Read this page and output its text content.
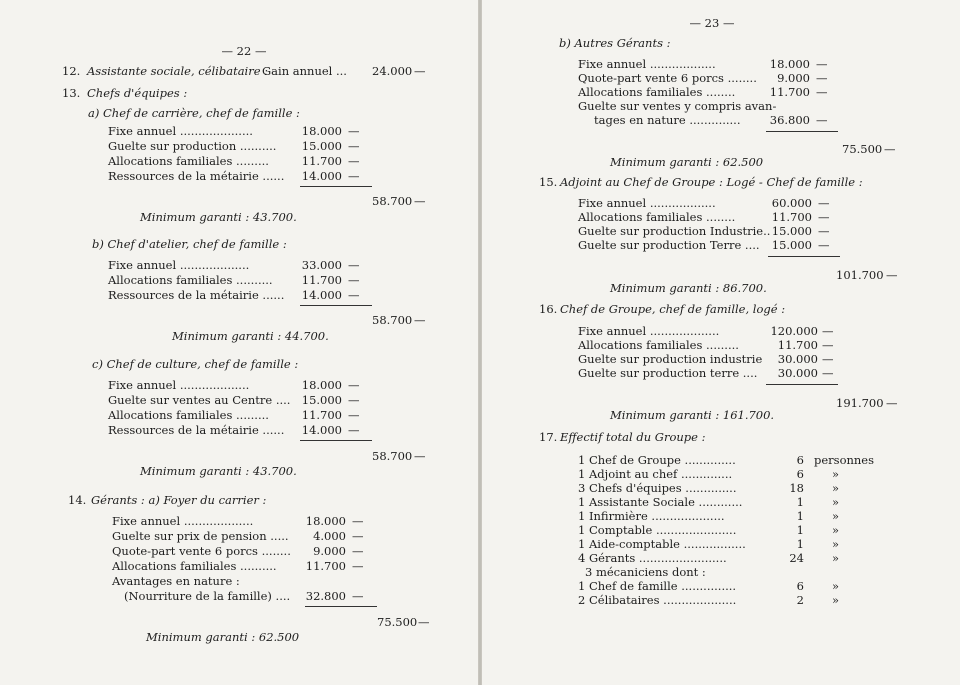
— 22 —
12. Assistante sociale, célibataire :
Gain annuel ... 24.000 —
13. Chefs d'équipes :
a) Chef de carrière, chef de famille :
Fixe annuel ....................	18.000 —
Guelte sur production ..........	15.000 —
Allocations familiales .........	11.700 —
Ressources de la métairie ......	14.000 —
58.700 —
Minimum garanti : 43.700.
b) Chef d'atelier, chef de famille :
Fixe annuel ...................	33.000 —
Allocations familiales ..........	11.700 —
Ressources de la métairie ......	14.000 —
58.700 —
Minimum garanti : 44.700.
c) Chef de culture, chef de famille :
Fixe annuel ...................	18.000 —
Guelte sur ventes au Centre .... 15.000 —
Allocations familiales .........	11.700 —
Ressources de la métairie ......	14.000 —
58.700 —
Minimum garanti : 43.700.
14. Gérants : a) Foyer du carrier :
Fixe annuel ...................	18.000 —
Guelte sur prix de pension .....	4.000 —
Quote-part vente 6 porcs ........	9.000 —
Allocations familiales ..........	11.700 —
Avantages en nature :
(Nourriture de la famille) ....	32.800 —
75.500 —
Minimum garanti : 62.500
— 23 —
b) Autres Gérants :
Fixe annuel ..................	18.000 —
Quote-part vente 6 porcs ........	9.000 —
Allocations familiales ........	11.700 —
Guelte sur ventes y compris avan-
tages en nature ..............	36.800 —
75.500 —
Minimum garanti : 62.500
15. Adjoint au Chef de Groupe : Logé - Chef de famille :
Fixe annuel ..................	60.000 —
Allocations familiales ........	11.700 —
Guelte sur production Industrie.. 15.000 —
Guelte sur production Terre ....	15.000 —
101.700 —
Minimum garanti : 86.700.
16. Chef de Groupe, chef de famille, logé :
Fixe annuel ...................	120.000 —
Allocations familiales .........	11.700 —
Guelte sur production industrie	30.000 —
Guelte sur production terre ....	30.000 —
191.700 —
Minimum garanti : 161.700.
17. Effectif total du Groupe :
1 Chef de Groupe ..............	6 personnes
1 Adjoint au chef ..............	6 »
3 Chefs d'équipes ..............	18 »
1 Assistante Sociale ............	1 »
1 Infirmière ....................	1 »
1 Comptable ......................	1 »
1 Aide-comptable .................	1 »
4 Gérants ........................	24 »
3 mécaniciens dont :
1 Chef de famille ...............	6 »
2 Célibataires ....................	2 »
